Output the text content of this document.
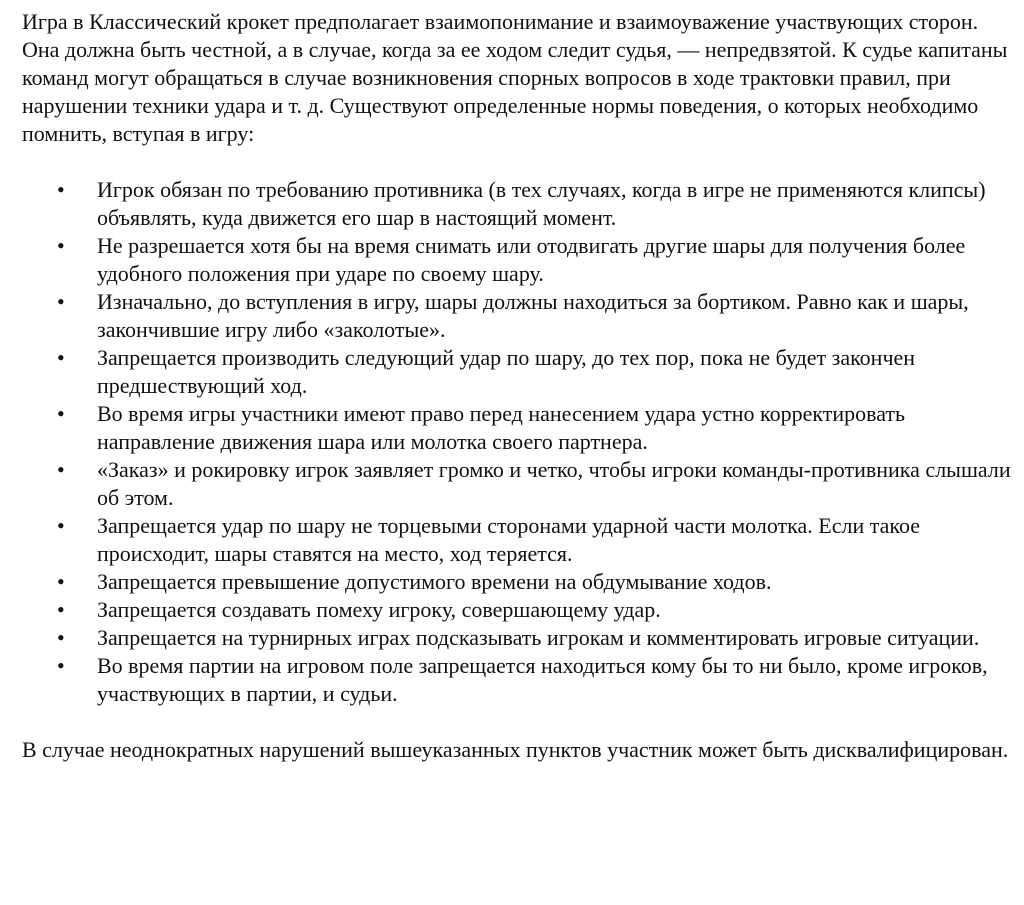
Игра в Классический крокет предполагает взаимопонимание и взаимоуважение участвующих сторон. Она должна быть честной, а в случае, когда за ее ходом следит судья, — непредвзятой. К судье капитаны команд могут обращаться в случае возникновения спорных вопросов в ходе трактовки правил, при нарушении техники удара и т. д. Существуют определенные нормы поведения, о которых необходимо помнить, вступая в игру:

•	Игрок обязан по требованию противника (в тех случаях, когда в игре не применяются клипсы) объявлять, куда движется его шар в настоящий момент.
•	Не разрешается хотя бы на время снимать или отодвигать другие шары для получения более удобного положения при ударе по своему шару.
•	Изначально, до вступления в игру, шары должны находиться за бортиком. Равно как и шары, закончившие игру либо «заколотые».
•	Запрещается производить следующий удар по шару, до тех пор, пока не будет закончен предшествующий ход.
•	Во время игры участники имеют право перед нанесением удара устно корректировать направление движения шара или молотка своего партнера.
•	«Заказ» и рокировку игрок заявляет громко и четко, чтобы игроки команды-противника слышали об этом.
•	Запрещается удар по шару не торцевыми сторонами ударной части молотка. Если такое происходит, шары ставятся на место, ход теряется.
•	Запрещается превышение допустимого времени на обдумывание ходов.
•	Запрещается создавать помеху игроку, совершающему удар.
•	Запрещается на турнирных играх подсказывать игрокам и комментировать игровые ситуации.
•	Во время партии на игровом поле запрещается находиться кому бы то ни было, кроме игроков, участвующих в партии, и судьи.

В случае неоднократных нарушений вышеуказанных пунктов участник может быть дисквалифицирован.
